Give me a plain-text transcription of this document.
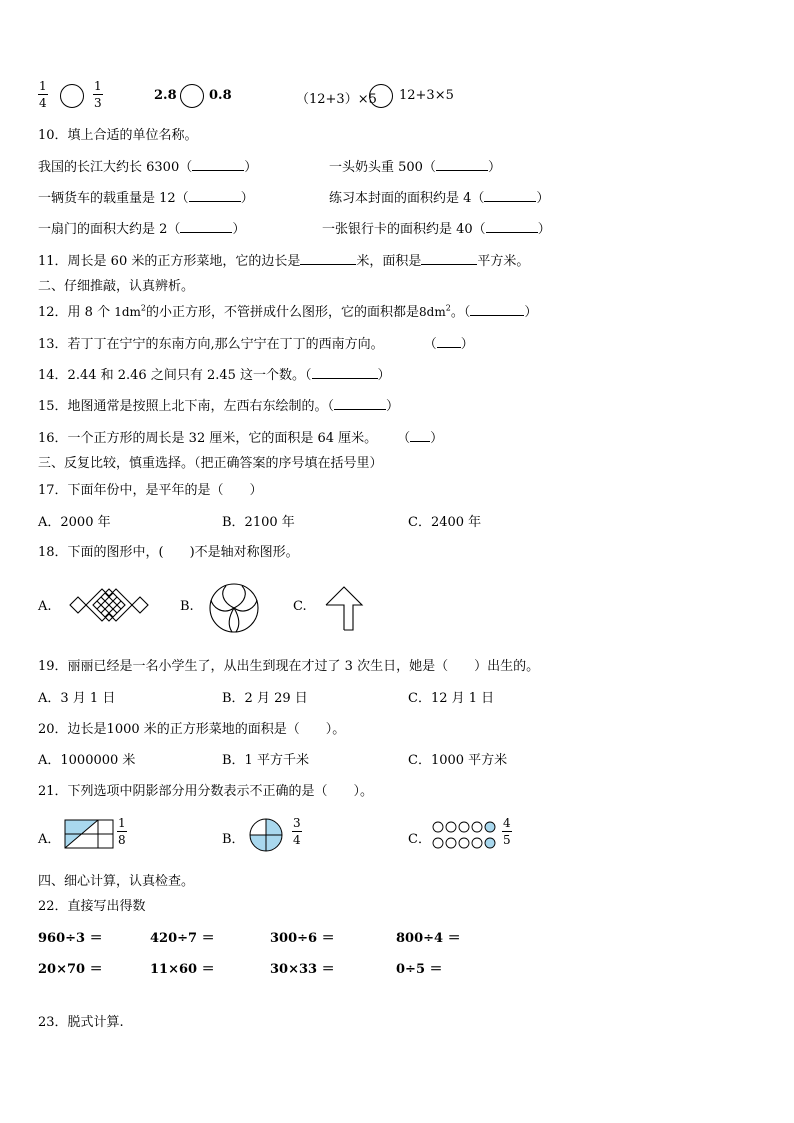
$\frac{1}{4}$	$\frac{1}{3}$	2.8 0.8	（12+3）×5 12+3×5
10．填上合适的单位名称。
我国的长江大约长 6300（	）	一头奶头重 500（	）
一辆货车的载重量是 12（	）	练习本封面的面积约是 4（	）
一扇门的面积大约是 2（	）	一张银行卡的面积约是 40（	）
11．周长是 60 米的正方形菜地，它的边长是	米，面积是	平方米。
二、仔细推敲，认真辨析。
12．用 8 个 $1dm^2$的小正方形，不管拼成什么图形，它的面积都是$8dm^2$。（	）
13．若丁丁在宁宁的东南方向,那么宁宁在丁丁的西南方向。	（ ）
14．2.44 和 2.46 之间只有 2.45 这一个数。（	）
15．地图通常是按照上北下南，左西右东绘制的。（	）
16．一个正方形的周长是 32 厘米，它的面积是 64 厘米。 （ ）
三、反复比较，慎重选择。（把正确答案的序号填在括号里）
17．下面年份中，是平年的是（　　）
A．2000 年	B．2100 年	C．2400 年
18．下面的图形中，(　　)不是轴对称图形。
A.	B.	C.
19．丽丽已经是一名小学生了，从出生到现在才过了 3 次生日，她是（　　）出生的。
A．3 月 1 日	B．2 月 29 日	C．12 月 1 日
20．边长是1000 米的正方形菜地的面积是（　　）。
A．1000000 米	B．1 平方千米	C．1000 平方米
21．下列选项中阴影部分用分数表示不正确的是（　　）。
A．	$\frac{1}{8}$	B．	$\frac{3}{4}$	C．	$\frac{4}{5}$
四、细心计算，认真检查。
22．直接写出得数
960÷3 ＝	420÷7 ＝	300÷6 ＝	800÷4 ＝
20×70 ＝	11×60 ＝	30×33 ＝	0÷5 ＝
23．脱式计算.
